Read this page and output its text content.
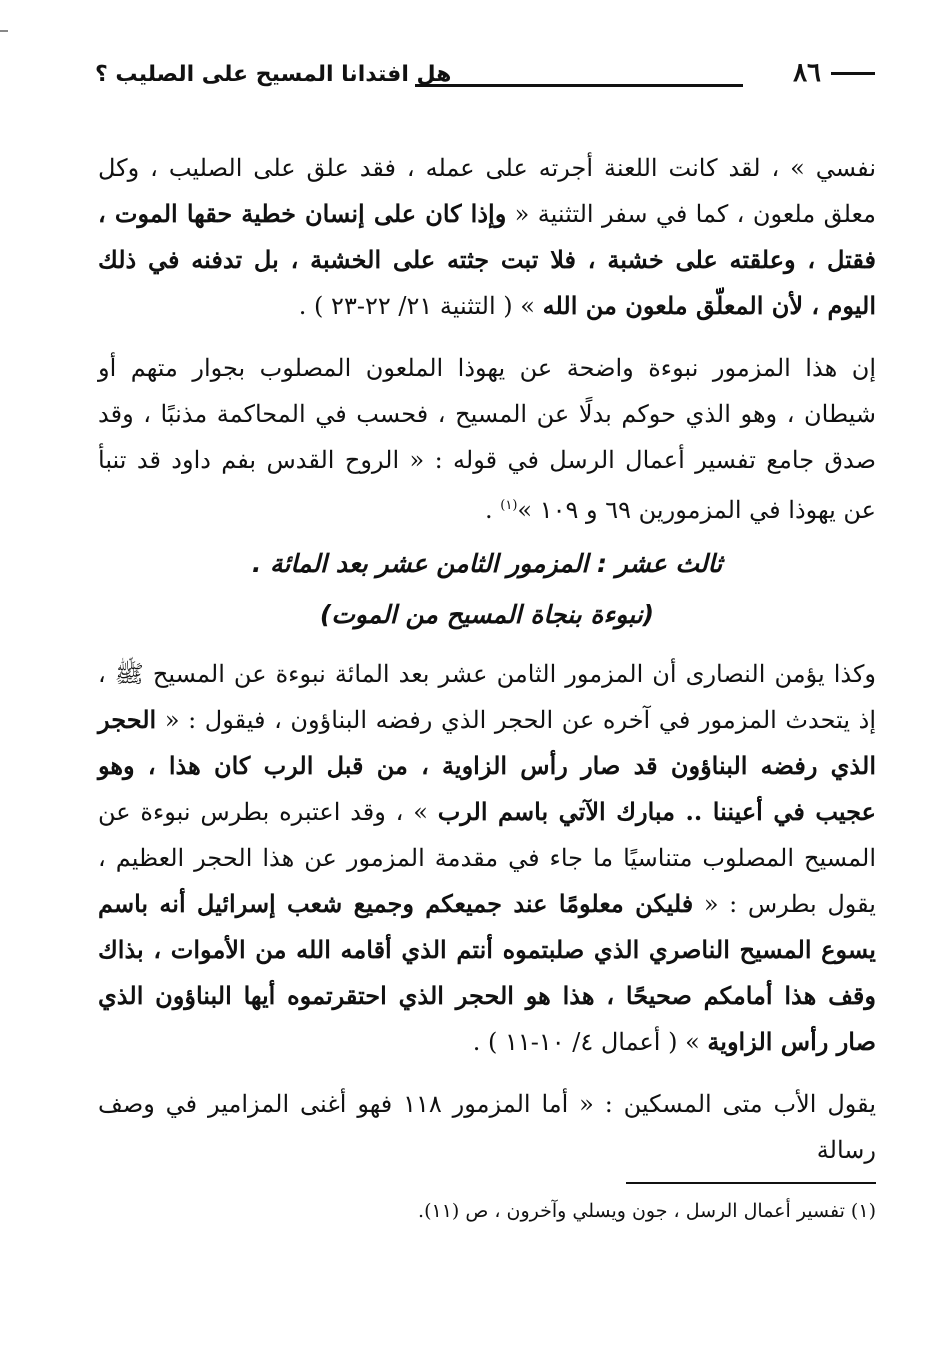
٨٦
هل افتدانا المسيح على الصليب ؟

نفسي » ، لقد كانت اللعنة أجرته على عمله ، فقد علق على الصليب ، وكل معلق ملعون ، كما في سفر التثنية « وإذا كان على إنسان خطية حقها الموت ، فقتل ، وعلقته على خشبة ، فلا تبت جثته على الخشبة ، بل تدفنه في ذلك اليوم ، لأن المعلّق ملعون من الله » ( التثنية ٢١/ ٢٢-٢٣ ) .

إن هذا المزمور نبوءة واضحة عن يهوذا الملعون المصلوب بجوار متهم أو شيطان ، وهو الذي حوكم بدلًا عن المسيح ، فحسب في المحاكمة مذنبًا ، وقد صدق جامع تفسير أعمال الرسل في قوله : « الروح القدس بفم داود قد تنبأ عن يهوذا في المزمورين ٦٩ و ١٠٩ »$^{(١)}$ .

ثالث عشر : المزمور الثامن عشر بعد المائة .
(نبوءة بنجاة المسيح من الموت)

وكذا يؤمن النصارى أن المزمور الثامن عشر بعد المائة نبوءة عن المسيح ﷺ ، إذ يتحدث المزمور في آخره عن الحجر الذي رفضه البناؤون ، فيقول : « الحجر الذي رفضه البناؤون قد صار رأس الزاوية ، من قبل الرب كان هذا ، وهو عجيب في أعيننا .. مبارك الآتي باسم الرب » ، وقد اعتبره بطرس نبوءة عن المسيح المصلوب متناسيًا ما جاء في مقدمة المزمور عن هذا الحجر العظيم ، يقول بطرس : « فليكن معلومًا عند جميعكم وجميع شعب إسرائيل أنه باسم يسوع المسيح الناصري الذي صلبتموه أنتم الذي أقامه الله من الأموات ، بذاك وقف هذا أمامكم صحيحًا ، هذا هو الحجر الذي احتقرتموه أيها البناؤون الذي صار رأس الزاوية » ( أعمال ٤/ ١٠-١١ ) .

يقول الأب متى المسكين : « أما المزمور ١١٨ فهو أغنى المزامير في وصف رسالة

(١) تفسير أعمال الرسل ، جون ويسلي وآخرون ، ص (١١).
